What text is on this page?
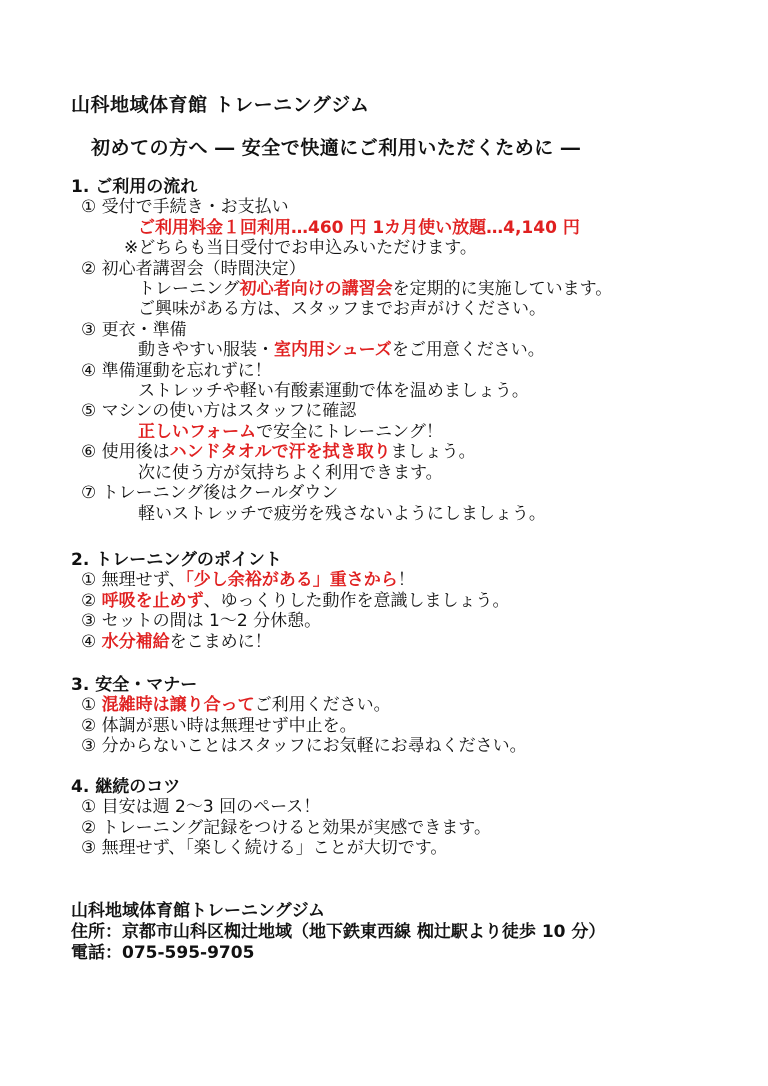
山科地域体育館 トレーニングジム
初めての方へ ― 安全で快適にご利用いただくために ―
1. ご利用の流れ
① 受付で手続き・お支払い
ご利用料金１回利用…460 円 1カ月使い放題…4,140 円
※どちらも当日受付でお申込みいただけます。
② 初心者講習会（時間決定）
トレーニング初心者向けの講習会を定期的に実施しています。
ご興味がある方は、スタッフまでお声がけください。
③ 更衣・準備
動きやすい服装・室内用シューズをご用意ください。
④ 準備運動を忘れずに！
ストレッチや軽い有酸素運動で体を温めましょう。
⑤ マシンの使い方はスタッフに確認
正しいフォームで安全にトレーニング！
⑥ 使用後はハンドタオルで汗を拭き取りましょう。
次に使う方が気持ちよく利用できます。
⑦ トレーニング後はクールダウン
軽いストレッチで疲労を残さないようにしましょう。
2. トレーニングのポイント
① 無理せず、「少し余裕がある」重さから！
② 呼吸を止めず、ゆっくりした動作を意識しましょう。
③ セットの間は 1～2 分休憩。
④ 水分補給をこまめに！
3. 安全・マナー
① 混雑時は譲り合ってご利用ください。
② 体調が悪い時は無理せず中止を。
③ 分からないことはスタッフにお気軽にお尋ねください。
4. 継続のコツ
① 目安は週 2～3 回のペース！
② トレーニング記録をつけると効果が実感できます。
③ 無理せず、「楽しく続ける」ことが大切です。
山科地域体育館トレーニングジム
住所：京都市山科区椥辻地域（地下鉄東西線 椥辻駅より徒歩 10 分）
電話：075-595-9705
